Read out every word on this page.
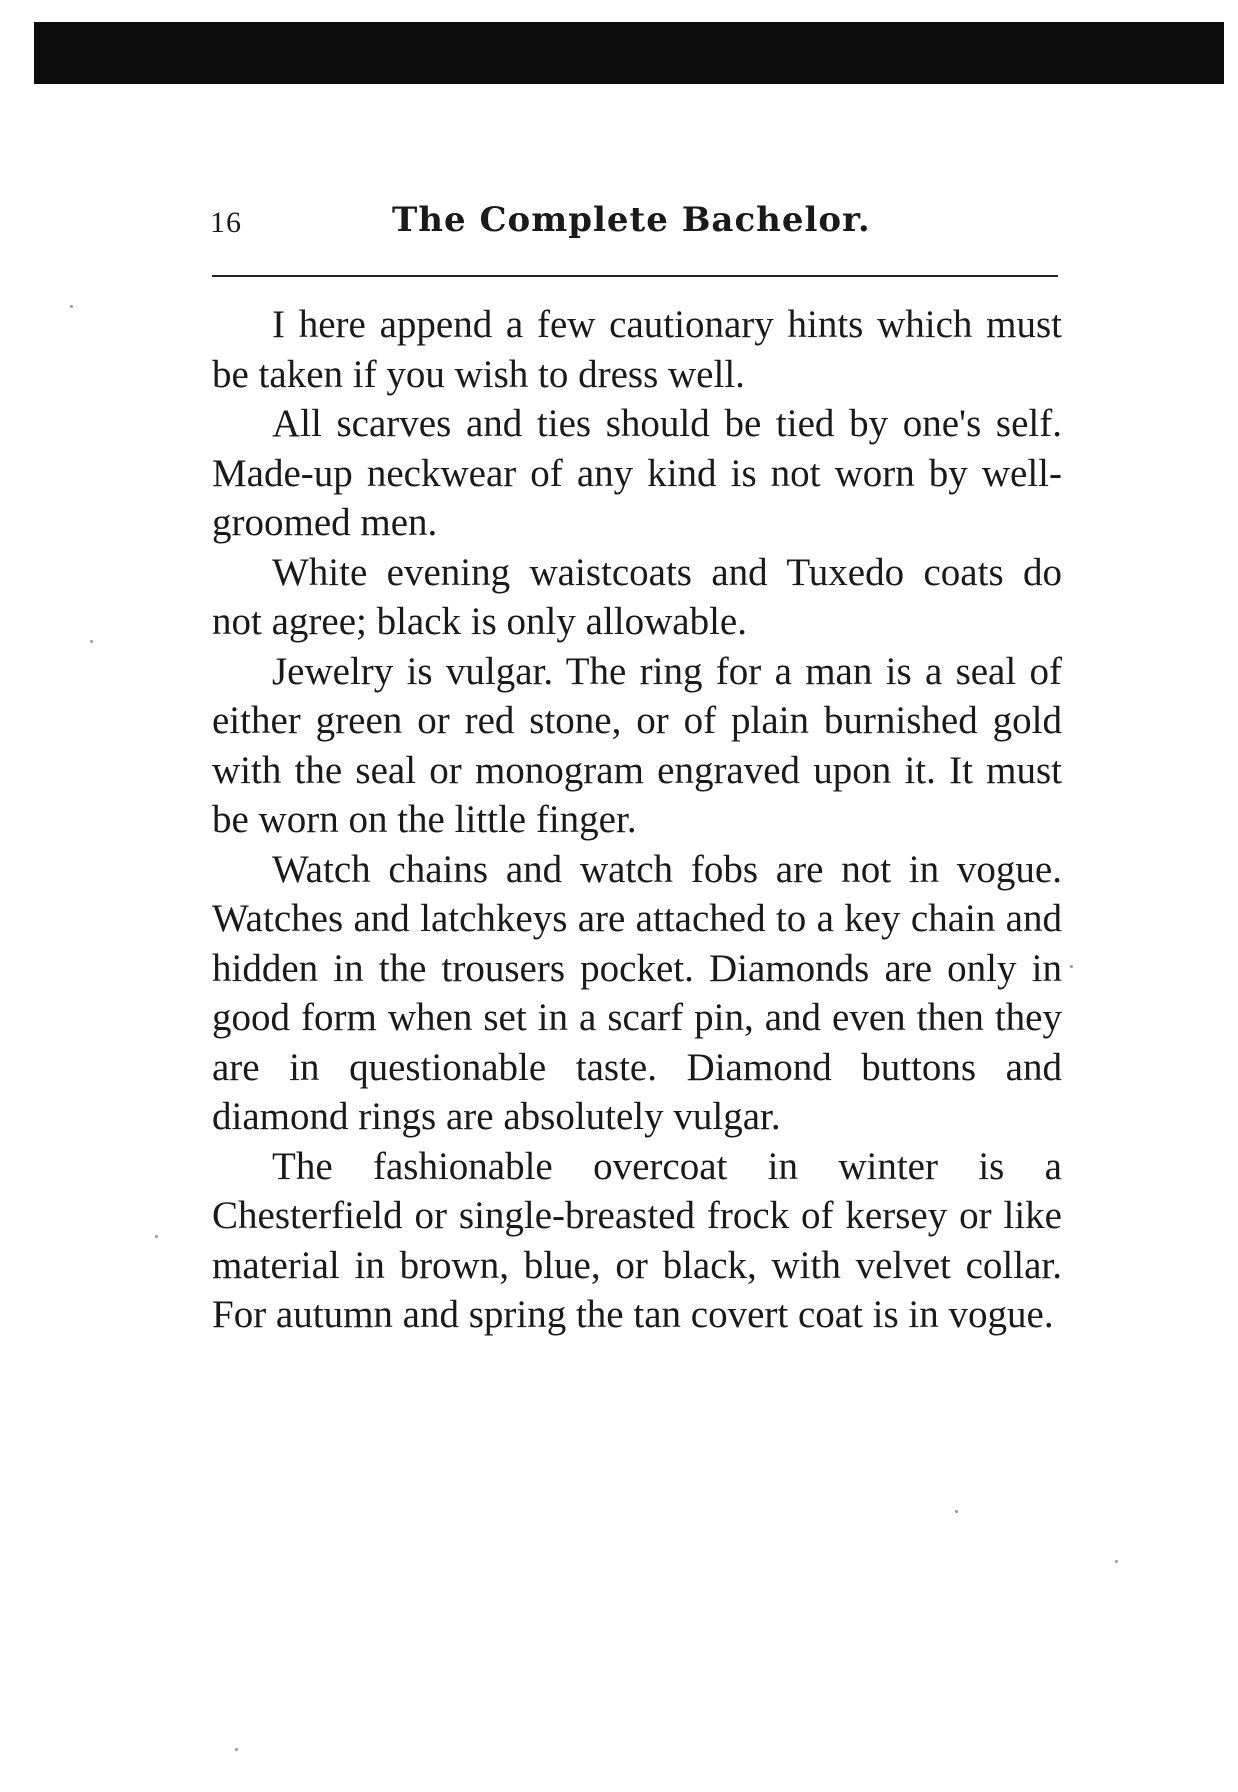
16	The Complete Bachelor.

I here append a few cautionary hints which must be taken if you wish to dress well.

All scarves and ties should be tied by one's self. Made-up neckwear of any kind is not worn by well-groomed men.

White evening waistcoats and Tuxedo coats do not agree; black is only allowable.

Jewelry is vulgar. The ring for a man is a seal of either green or red stone, or of plain burnished gold with the seal or monogram engraved upon it. It must be worn on the little finger.

Watch chains and watch fobs are not in vogue. Watches and latchkeys are attached to a key chain and hidden in the trousers pocket. Diamonds are only in good form when set in a scarf pin, and even then they are in questionable taste. Diamond buttons and diamond rings are absolutely vulgar.

The fashionable overcoat in winter is a Chesterfield or single-breasted frock of kersey or like material in brown, blue, or black, with velvet collar. For autumn and spring the tan covert coat is in vogue.
